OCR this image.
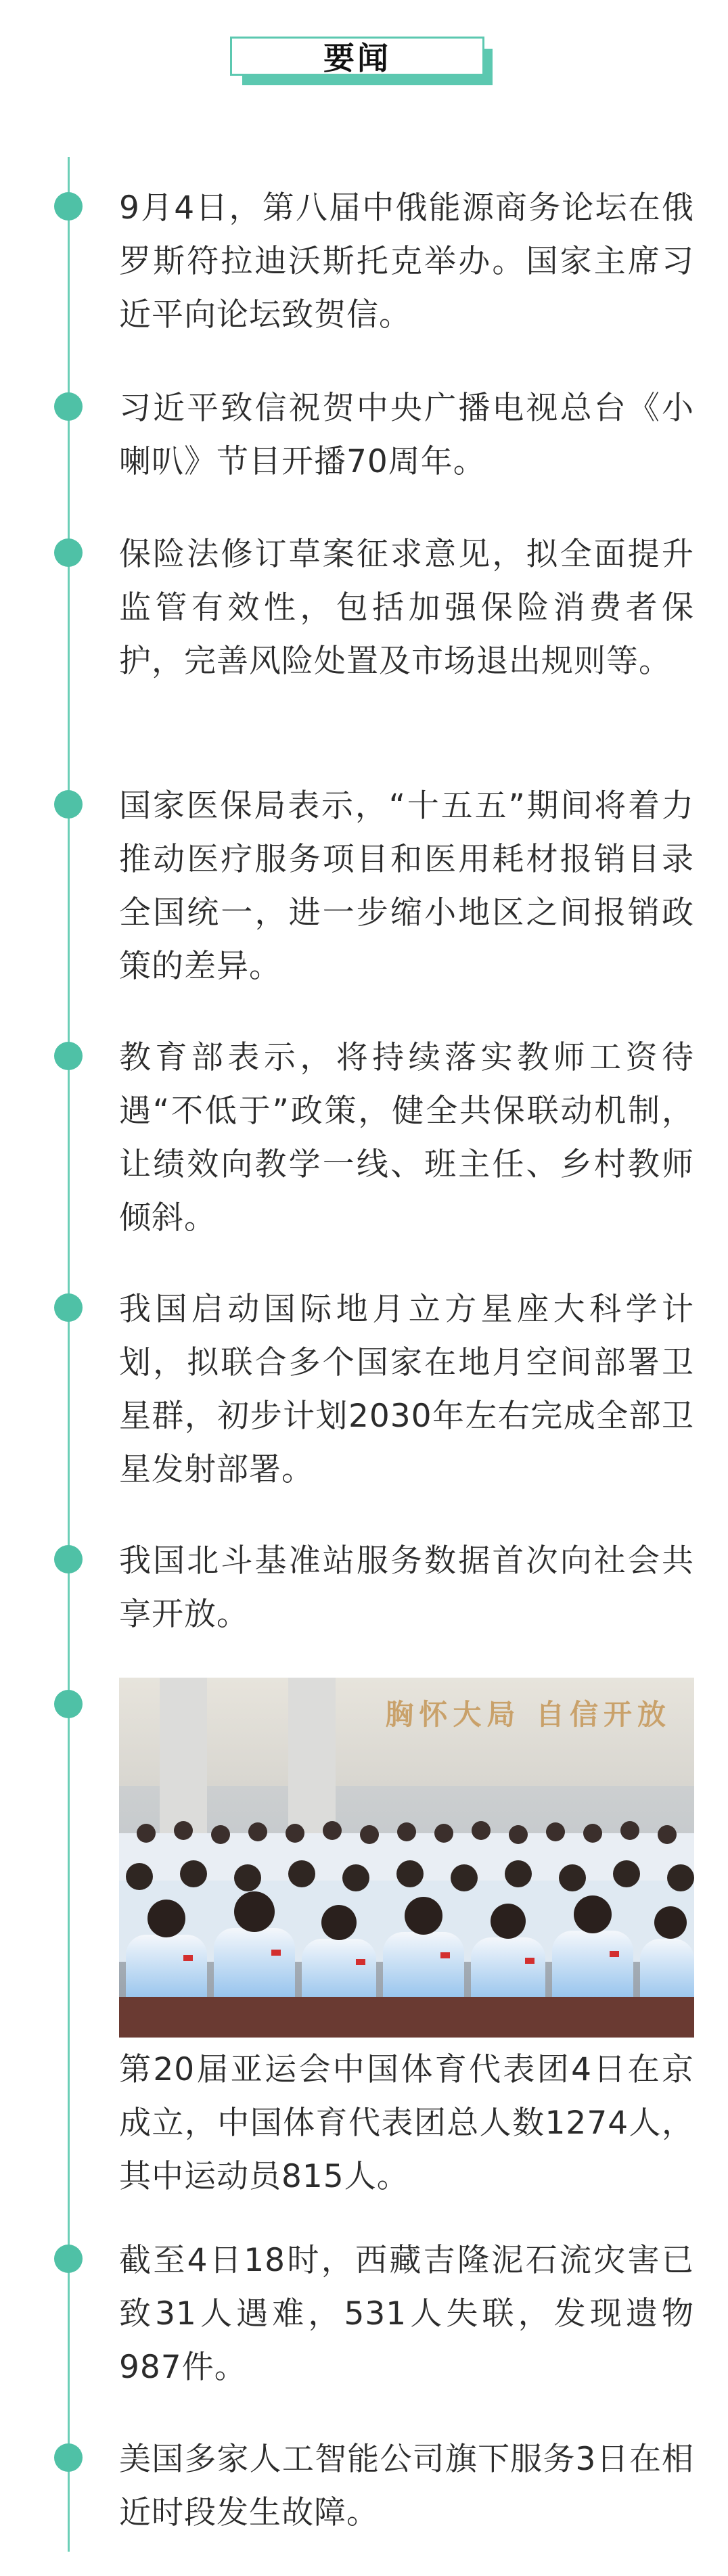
要闻
9月4日，第八届中俄能源商务论坛在俄罗斯符拉迪沃斯托克举办。国家主席习近平向论坛致贺信。
习近平致信祝贺中央广播电视总台《小喇叭》节目开播70周年。
保险法修订草案征求意见，拟全面提升监管有效性，包括加强保险消费者保护，完善风险处置及市场退出规则等。
国家医保局表示，“十五五”期间将着力推动医疗服务项目和医用耗材报销目录全国统一，进一步缩小地区之间报销政策的差异。
教育部表示，将持续落实教师工资待遇“不低于”政策，健全共保联动机制，让绩效向教学一线、班主任、乡村教师倾斜。
我国启动国际地月立方星座大科学计划，拟联合多个国家在地月空间部署卫星群，初步计划2030年左右完成全部卫星发射部署。
我国北斗基准站服务数据首次向社会共享开放。
胸怀大局 自信开放
第20届亚运会中国体育代表团4日在京成立，中国体育代表团总人数1274人，其中运动员815人。
截至4日18时，西藏吉隆泥石流灾害已致31人遇难，531人失联，发现遗物987件。
美国多家人工智能公司旗下服务3日在相近时段发生故障。
